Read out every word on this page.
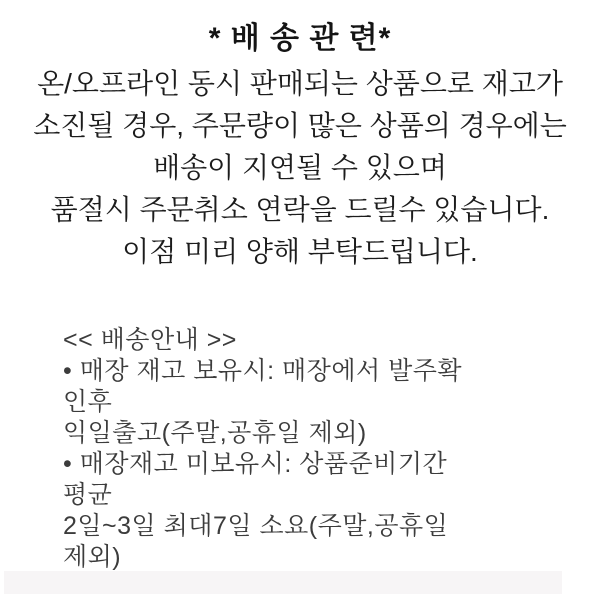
* 배 송 관 련*
온/오프라인 동시 판매되는 상품으로 재고가
소진될 경우, 주문량이 많은 상품의 경우에는
배송이 지연될 수 있으며
품절시 주문취소 연락을 드릴수 있습니다.
이점 미리 양해 부탁드립니다.
<< 배송안내 >>
• 매장 재고 보유시: 매장에서 발주확
인후
익일출고(주말,공휴일 제외)
• 매장재고 미보유시: 상품준비기간
평균
2일~3일 최대7일 소요(주말,공휴일
제외)
